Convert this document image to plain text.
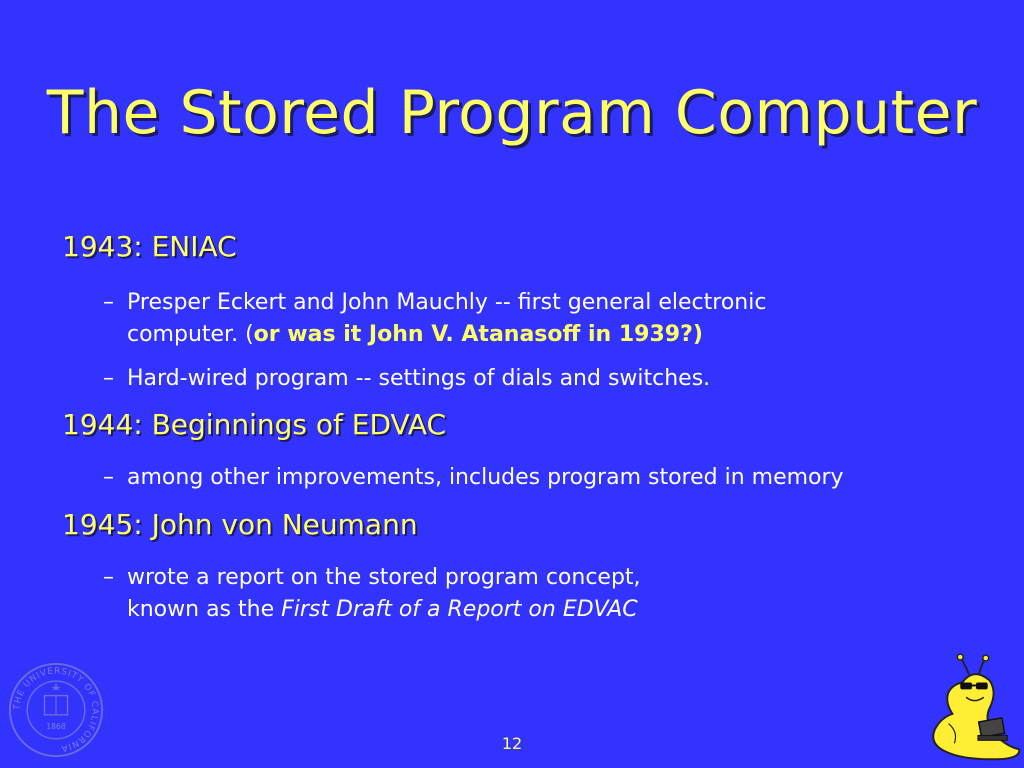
The Stored Program Computer
1943: ENIAC
– Presper Eckert and John Mauchly -- first general electronic
computer. (or was it John V. Atanasoff in 1939?)
– Hard-wired program -- settings of dials and switches.
1944: Beginnings of EDVAC
– among other improvements, includes program stored in memory
1945: John von Neumann
– wrote a report on the stored program concept,
known as the First Draft of a Report on EDVAC
THE UNIVERSITY OF CALIFORNIA
1868
12
